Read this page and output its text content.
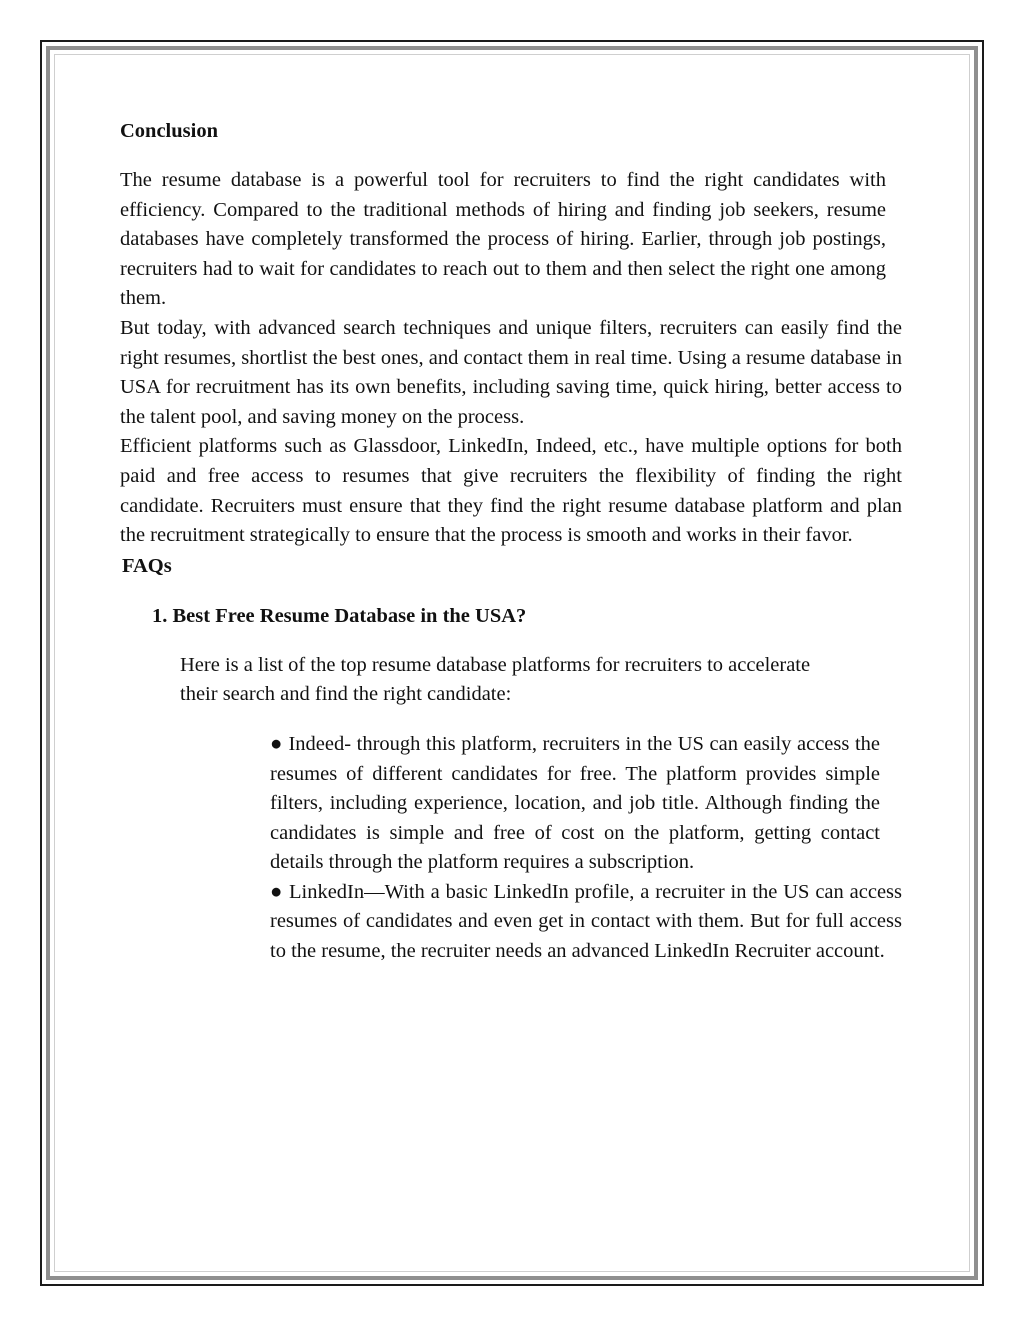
Conclusion

The resume database is a powerful tool for recruiters to find the right candidates with efficiency. Compared to the traditional methods of hiring and finding job seekers, resume databases have completely transformed the process of hiring. Earlier, through job postings, recruiters had to wait for candidates to reach out to them and then select the right one among them.

But today, with advanced search techniques and unique filters, recruiters can easily find the right resumes, shortlist the best ones, and contact them in real time. Using a resume database in USA for recruitment has its own benefits, including saving time, quick hiring, better access to the talent pool, and saving money on the process.

Efficient platforms such as Glassdoor, LinkedIn, Indeed, etc., have multiple options for both paid and free access to resumes that give recruiters the flexibility of finding the right candidate. Recruiters must ensure that they find the right resume database platform and plan the recruitment strategically to ensure that the process is smooth and works in their favor.

FAQs
1. Best Free Resume Database in the USA?

Here is a list of the top resume database platforms for recruiters to accelerate their search and find the right candidate:

● Indeed- through this platform, recruiters in the US can easily access the resumes of different candidates for free. The platform provides simple filters, including experience, location, and job title. Although finding the candidates is simple and free of cost on the platform, getting contact details through the platform requires a subscription.
● LinkedIn—With a basic LinkedIn profile, a recruiter in the US can access resumes of candidates and even get in contact with them. But for full access to the resume, the recruiter needs an advanced LinkedIn Recruiter account.
